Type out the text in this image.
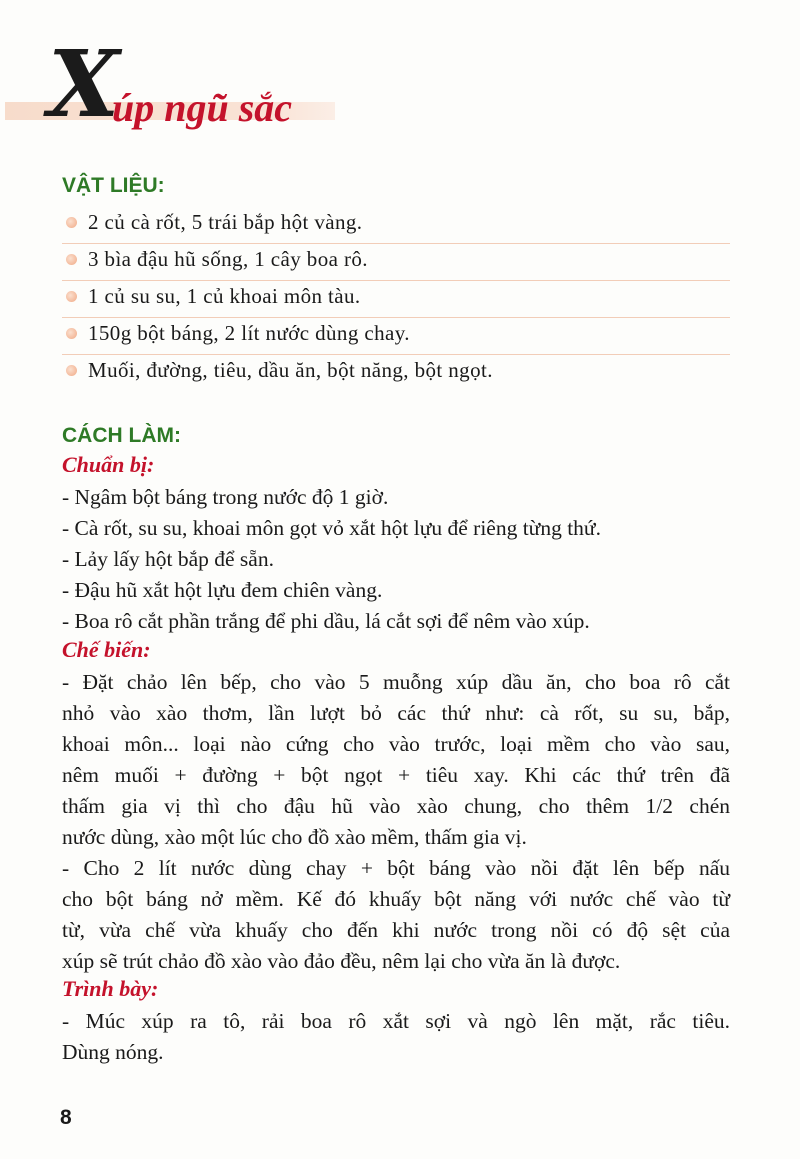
X
úp ngũ sắc
VẬT LIỆU:
2 củ cà rốt, 5 trái bắp hột vàng.
3 bìa đậu hũ sống, 1 cây boa rô.
1 củ su su, 1 củ khoai môn tàu.
150g bột báng, 2 lít nước dùng chay.
Muối, đường, tiêu, dầu ăn, bột năng, bột ngọt.
CÁCH LÀM:
Chuẩn bị:
- Ngâm bột báng trong nước độ 1 giờ.
- Cà rốt, su su, khoai môn gọt vỏ xắt hột lựu để riêng từng thứ.
- Lảy lấy hột bắp để sẵn.
- Đậu hũ xắt hột lựu đem chiên vàng.
- Boa rô cắt phần trắng để phi dầu, lá cắt sợi để nêm vào xúp.
Chế biến:
- Đặt chảo lên bếp, cho vào 5 muỗng xúp dầu ăn, cho boa rô cắt
nhỏ vào xào thơm, lần lượt bỏ các thứ như: cà rốt, su su, bắp,
khoai môn... loại nào cứng cho vào trước, loại mềm cho vào sau,
nêm muối + đường + bột ngọt + tiêu xay. Khi các thứ trên đã
thấm gia vị thì cho đậu hũ vào xào chung, cho thêm 1/2 chén
nước dùng, xào một lúc cho đồ xào mềm, thấm gia vị.
- Cho 2 lít nước dùng chay + bột báng vào nồi đặt lên bếp nấu
cho bột báng nở mềm. Kế đó khuấy bột năng với nước chế vào từ
từ, vừa chế vừa khuấy cho đến khi nước trong nồi có độ sệt của
xúp sẽ trút chảo đồ xào vào đảo đều, nêm lại cho vừa ăn là được.
Trình bày:
- Múc xúp ra tô, rải boa rô xắt sợi và ngò lên mặt, rắc tiêu.
Dùng nóng.
8
